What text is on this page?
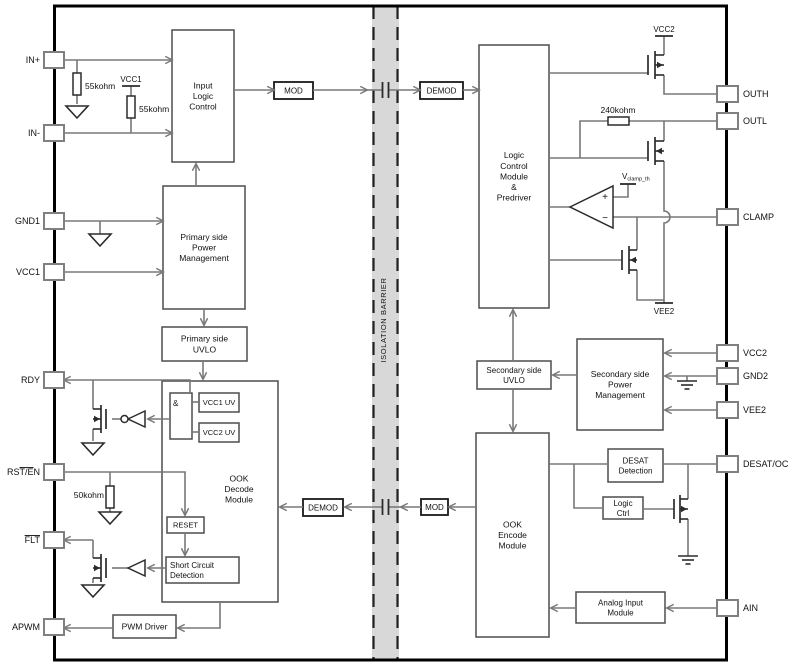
ISOLATION BARRIER
Input Logic Control
Primary side Power Management
Primary side UVLO
OOK Decode Module
&	VCC1 UV
VCC2 UV
RESET
Short Circuit Detection
PWM Driver
MOD	DEMOD
DEMOD	MOD
Logic Control Module & Predriver
Secondary side UVLO
Secondary side Power Management
OOK Encode Module
DESAT Detection
Logic Ctrl
Analog Input Module
VCC1
VCC2
VEE2
Vclamp_th
+
−
55kohm
55kohm
50kohm
240kohm
IN+
IN-
GND1
VCC1
RDY
RST/EN
FLT
APWM
OUTH
OUTL
CLAMP
VCC2
GND2
VEE2
DESAT/OC
AIN
